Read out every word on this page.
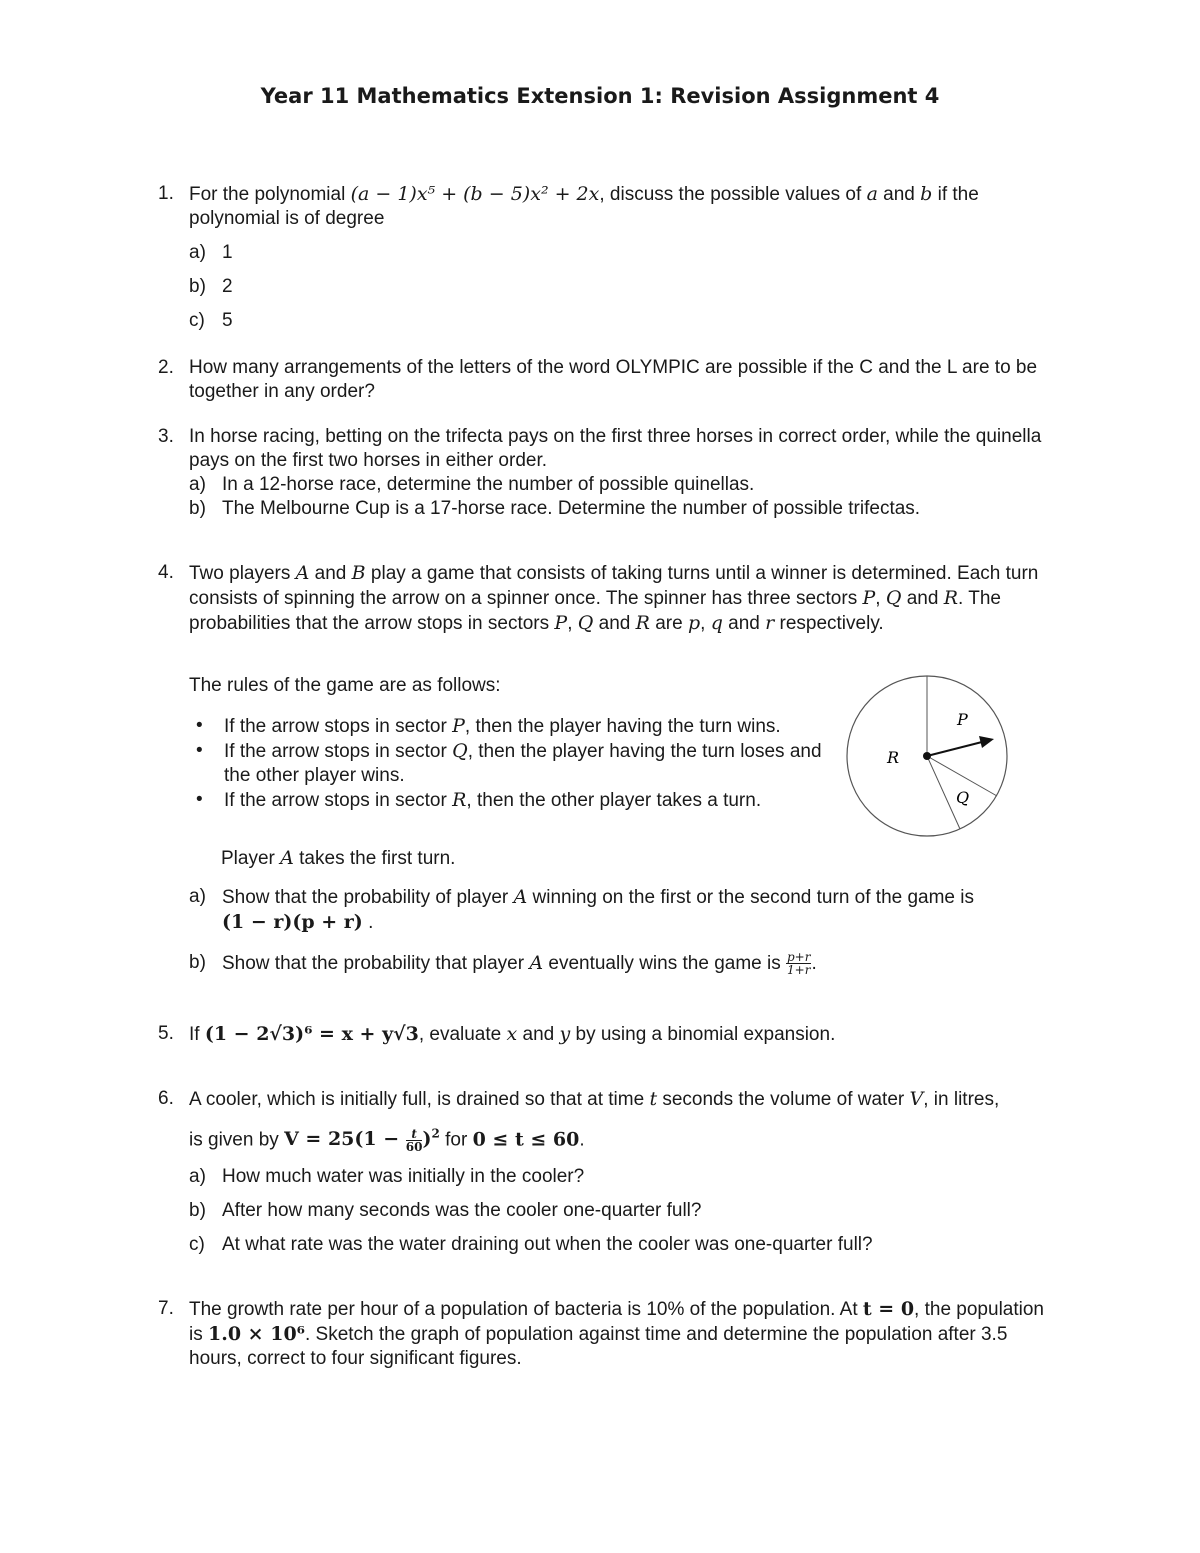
Year 11 Mathematics Extension 1: Revision Assignment 4
1. For the polynomial (a − 1)x⁵ + (b − 5)x² + 2x, discuss the possible values of a and b if the polynomial is of degree
a) 1
b) 2
c) 5
2. How many arrangements of the letters of the word OLYMPIC are possible if the C and the L are to be together in any order?
3. In horse racing, betting on the trifecta pays on the first three horses in correct order, while the quinella pays on the first two horses in either order.
a) In a 12-horse race, determine the number of possible quinellas.
b) The Melbourne Cup is a 17-horse race. Determine the number of possible trifectas.
4. Two players A and B play a game that consists of taking turns until a winner is determined. Each turn consists of spinning the arrow on a spinner once. The spinner has three sectors P, Q and R. The probabilities that the arrow stops in sectors P, Q and R are p, q and r respectively.
The rules of the game are as follows:
• If the arrow stops in sector P, then the player having the turn wins.
• If the arrow stops in sector Q, then the player having the turn loses and the other player wins.
• If the arrow stops in sector R, then the other player takes a turn.
Player A takes the first turn.
a) Show that the probability of player A winning on the first or the second turn of the game is
(1 − r)(p + r) .
b) Show that the probability that player A eventually wins the game is $\frac{p+r}{1+r}$ .
P
R
Q
5. If (1 − 2√3)⁶ = x + y√3, evaluate x and y by using a binomial expansion.
6. A cooler, which is initially full, is drained so that at time t seconds the volume of water V, in litres,
is given by $V = 25(1 - \frac{t}{60} )^2$ for 0 ≤ t ≤ 60.
a) How much water was initially in the cooler?
b) After how many seconds was the cooler one-quarter full?
c) At what rate was the water draining out when the cooler was one-quarter full?
7. The growth rate per hour of a population of bacteria is 10% of the population. At t = 0, the population is 1.0 × 10⁶. Sketch the graph of population against time and determine the population after 3.5 hours, correct to four significant figures.
